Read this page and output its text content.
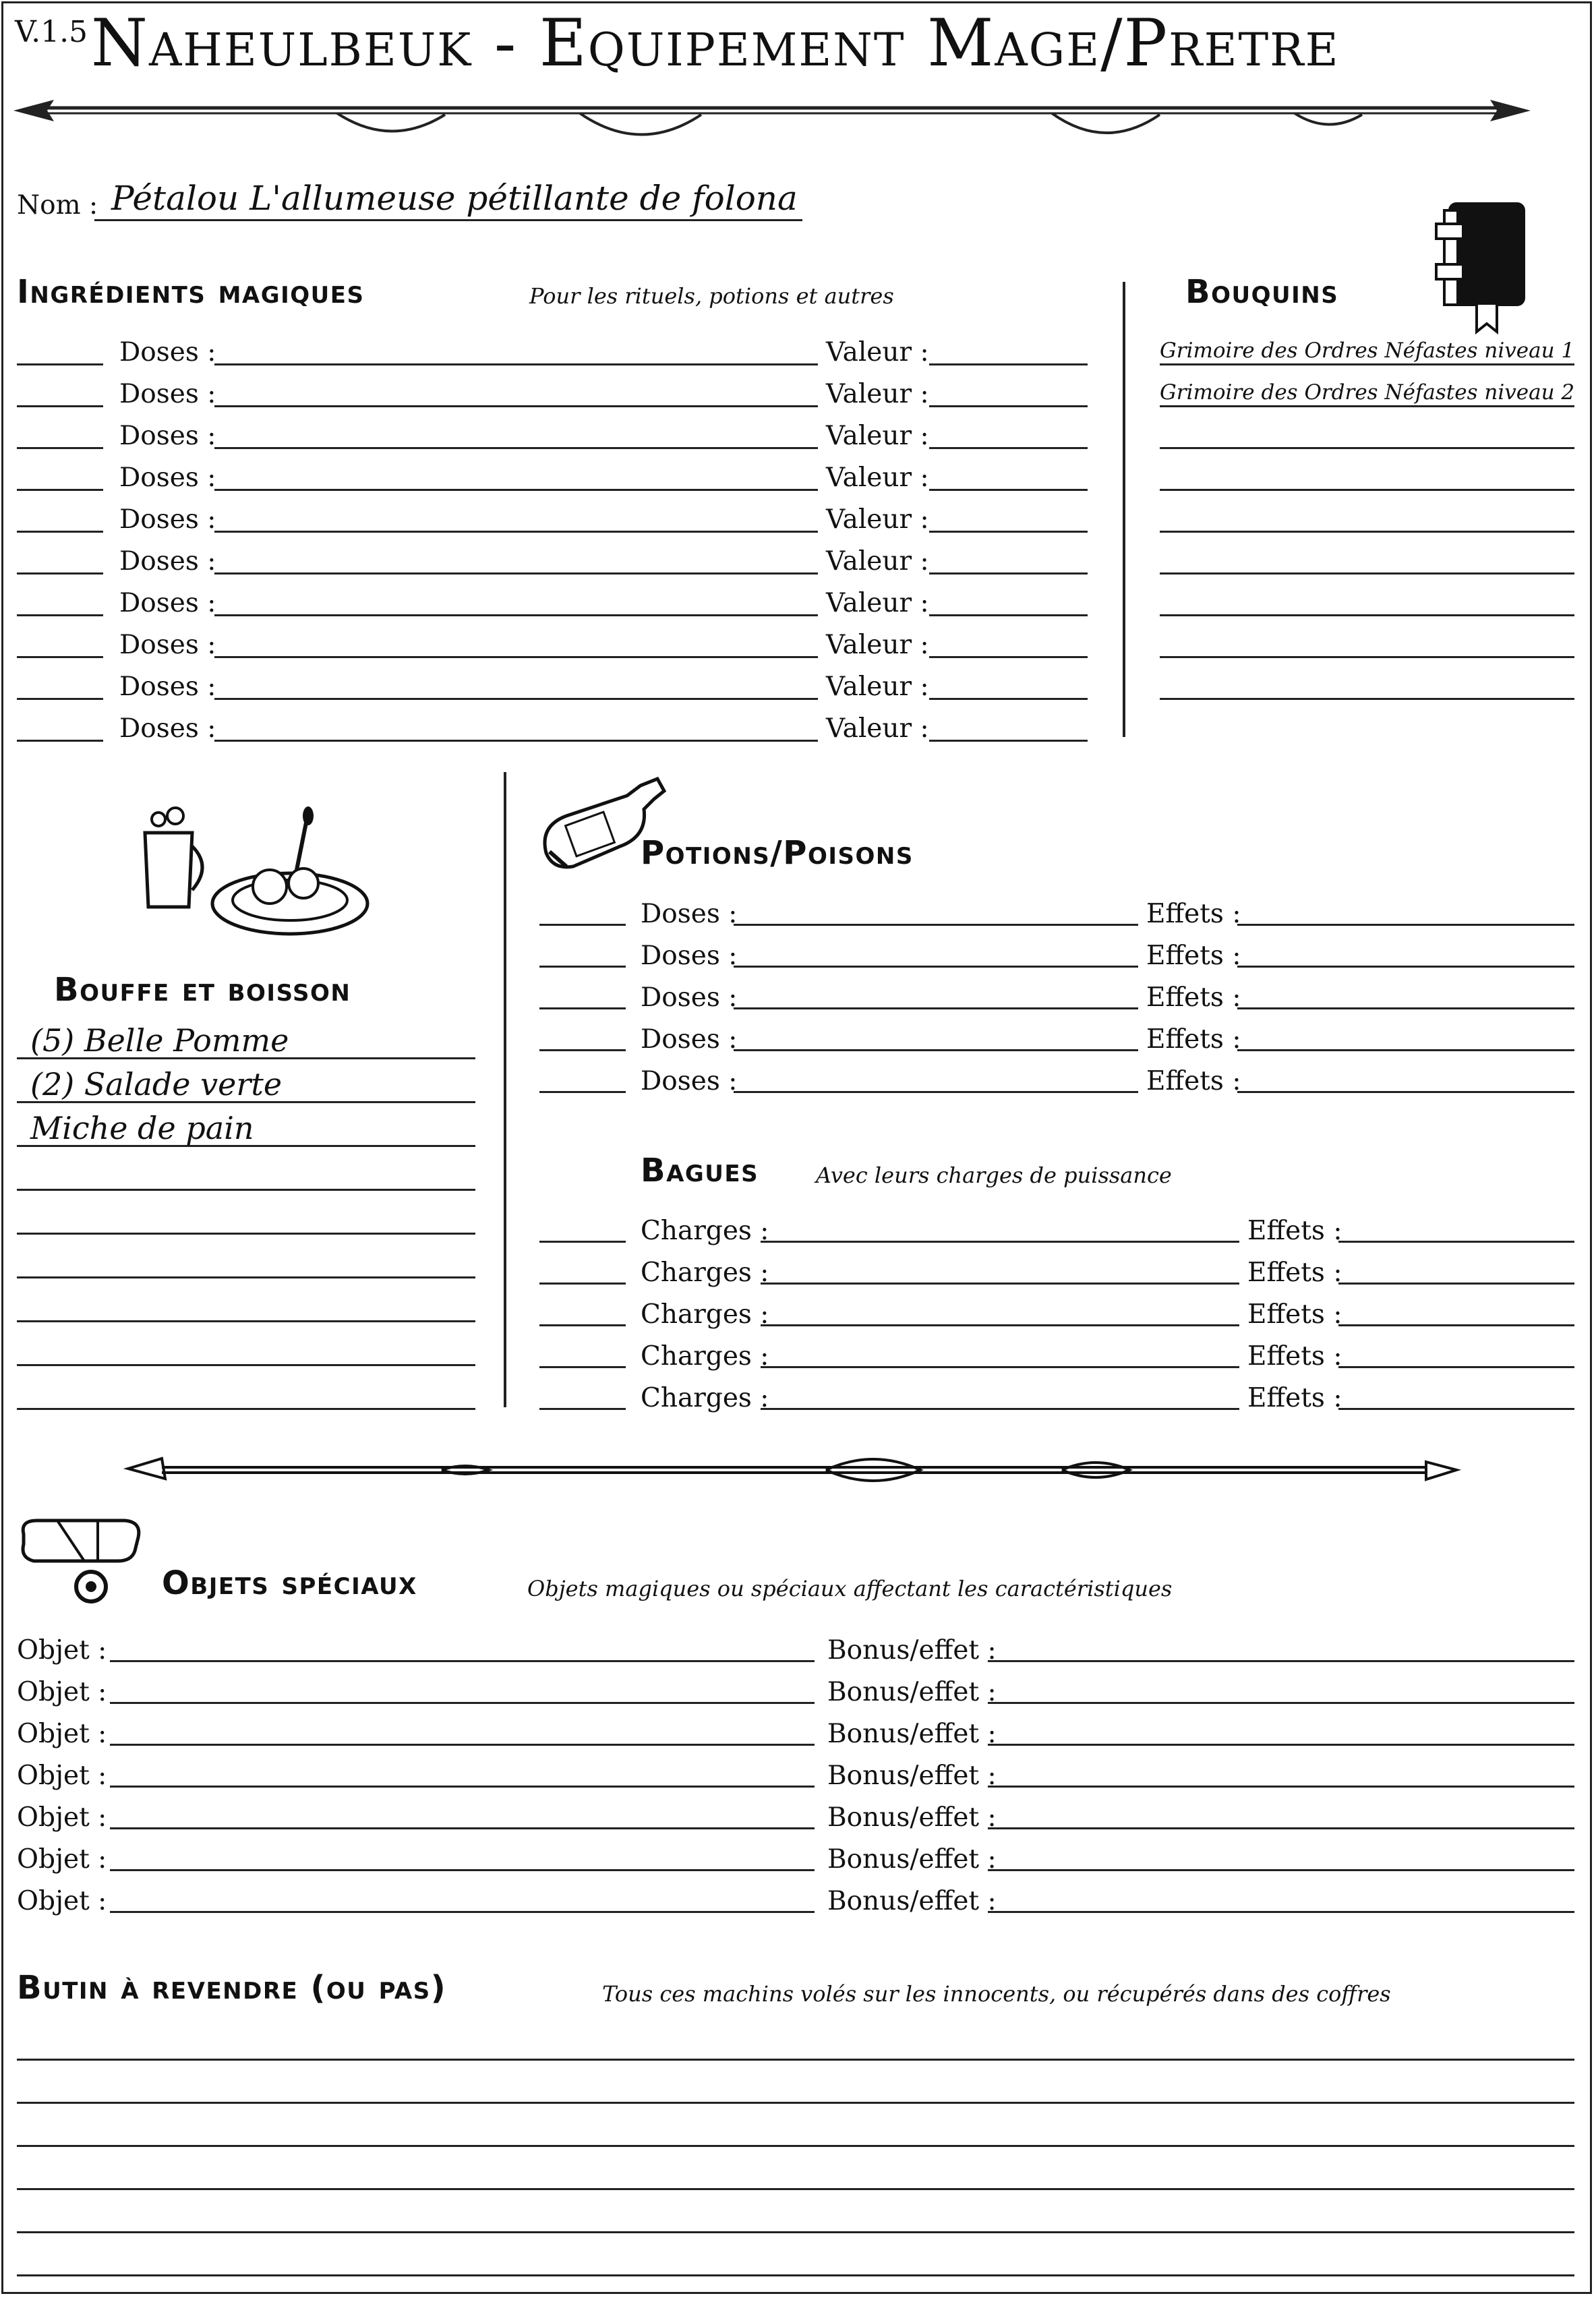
V.1.5 Naheulbeuk - Equipement Mage/Pretre
Nom : Pétalou L'allumeuse pétillante de folona
Ingrédients magiques	Pour les rituels, potions et autres
Doses :	Valeur :
Doses :	Valeur :
Doses :	Valeur :
Doses :	Valeur :
Doses :	Valeur :
Doses :	Valeur :
Doses :	Valeur :
Doses :	Valeur :
Doses :	Valeur :
Doses :	Valeur :
Bouquins
Grimoire des Ordres Néfastes niveau 1
Grimoire des Ordres Néfastes niveau 2
Bouffe et boisson
(5) Belle Pomme
(2) Salade verte
Miche de pain
Potions/Poisons
Doses :	Effets :
Doses :	Effets :
Doses :	Effets :
Doses :	Effets :
Doses :	Effets :
Bagues	Avec leurs charges de puissance
Charges :	Effets :
Charges :	Effets :
Charges :	Effets :
Charges :	Effets :
Charges :	Effets :
Objets spéciaux	Objets magiques ou spéciaux affectant les caractéristiques
Objet :	Bonus/effet :
Objet :	Bonus/effet :
Objet :	Bonus/effet :
Objet :	Bonus/effet :
Objet :	Bonus/effet :
Objet :	Bonus/effet :
Objet :	Bonus/effet :
Butin à revendre (ou pas)	Tous ces machins volés sur les innocents, ou récupérés dans des coffres
